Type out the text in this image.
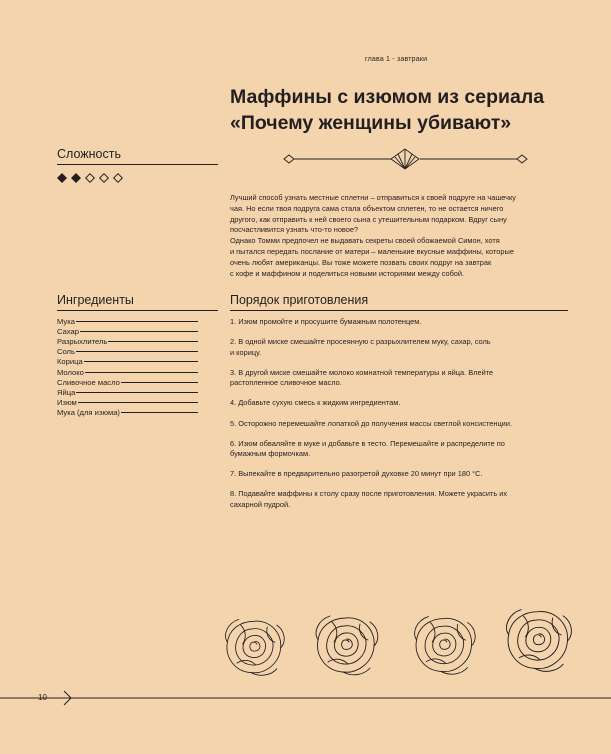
глава 1 - завтраки
Маффины с изюмом из сериала
«Почему женщины убивают»
Сложность

Лучший способ узнать местные сплетни – отправиться к своей подруге на чашечку

чая. Но если твоя подруга сама стала объектом сплетен, то не остается ничего

другого, как отправить к ней своего сына с утешительным подарком. Вдруг сыну

посчастливится узнать что-то новое?

Однако Томми предпочел не выдавать секреты своей обожаемой Симон, хотя

и пытался передать послание от матери – маленькие вкусные маффины, которые

очень любят американцы. Вы тоже можете позвать своих подруг на завтрак

с кофе и маффином и поделиться новыми историями между собой.

Ингредиенты
Мука
Сахар
Разрыхлитель
Соль
Корица
Молоко
Сливочное масло
Яйца
Изюм
Мука (для изюма)
Порядок приготовления
1. Изюм промойте и просушите бумажным полотенцем.
2. В одной миске смешайте просеянную с разрыхлителем муку, сахар, соль
и корицу.
3. В другой миске смешайте молоко комнатной температуры и яйца. Влейте
растопленное сливочное масло.
4. Добавьте сухую смесь к жидким ингредиентам.
5. Осторожно перемешайте лопаткой до получения массы светлой консистенции.
6. Изюм обваляйте в муке и добавьте в тесто. Перемешайте и распределите по
бумажным формочкам.
7. Выпекайте в предварительно разогретой духовке 20 минут при 180 °С.
8. Подавайте маффины к столу сразу после приготовления. Можете украсить их
сахарной пудрой.
10
